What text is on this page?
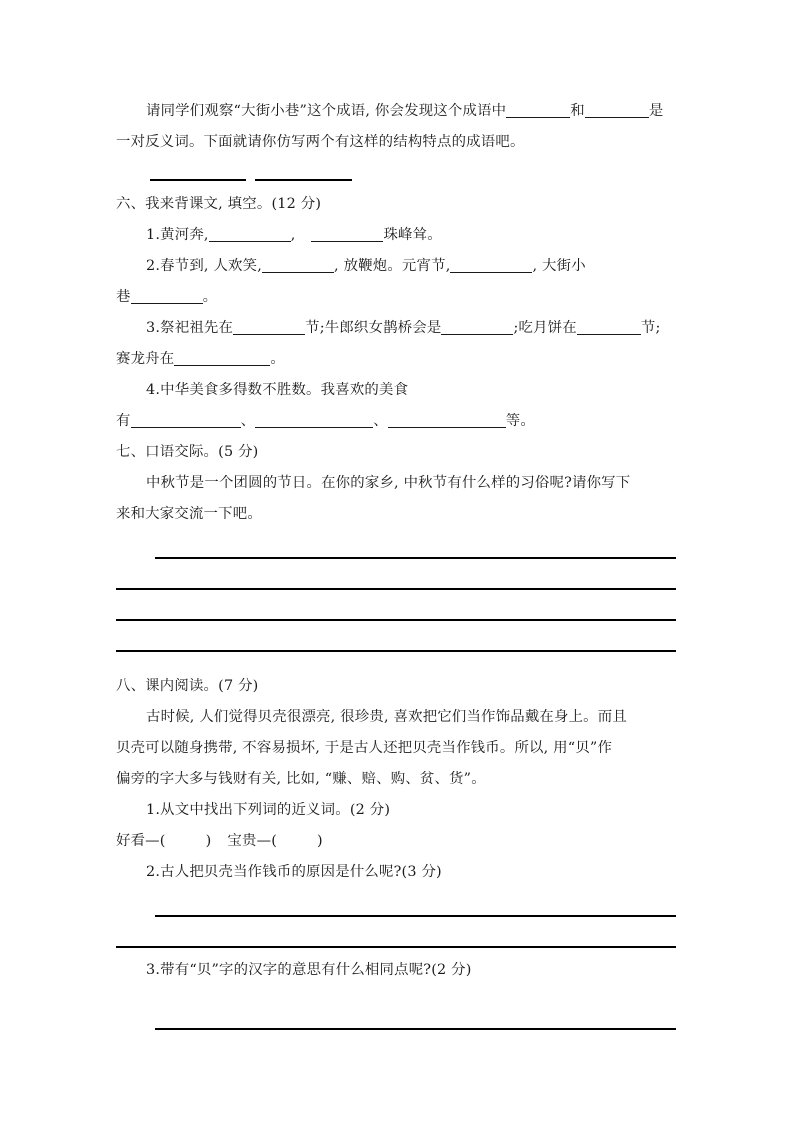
请同学们观察“大街小巷”这个成语, 你会发现这个成语中	和	是

一对反义词。下面就请你仿写两个有这样的结构特点的成语吧。

六、我来背课文, 填空。(12 分)

1.黄河奔,	,	珠峰耸。

2.春节到, 人欢笑,	, 放鞭炮。元宵节,	, 大街小

巷	。

3.祭祀祖先在	节;牛郎织女鹊桥会是	;吃月饼在	节;

赛龙舟在	。

4.中华美食多得数不胜数。我喜欢的美食

有	、	、	等。

七、口语交际。(5 分)

中秋节是一个团圆的节日。在你的家乡, 中秋节有什么样的习俗呢?请你写下

来和大家交流一下吧。

八、课内阅读。(7 分)

古时候, 人们觉得贝壳很漂亮, 很珍贵, 喜欢把它们当作饰品戴在身上。而且

贝壳可以随身携带, 不容易损坏, 于是古人还把贝壳当作钱币。所以, 用“贝”作

偏旁的字大多与钱财有关, 比如, “赚、赔、购、贫、货”。

1.从文中找出下列词的近义词。(2 分)

好看—(	) 宝贵—(	)

2.古人把贝壳当作钱币的原因是什么呢?(3 分)

3.带有“贝”字的汉字的意思有什么相同点呢?(2 分)
